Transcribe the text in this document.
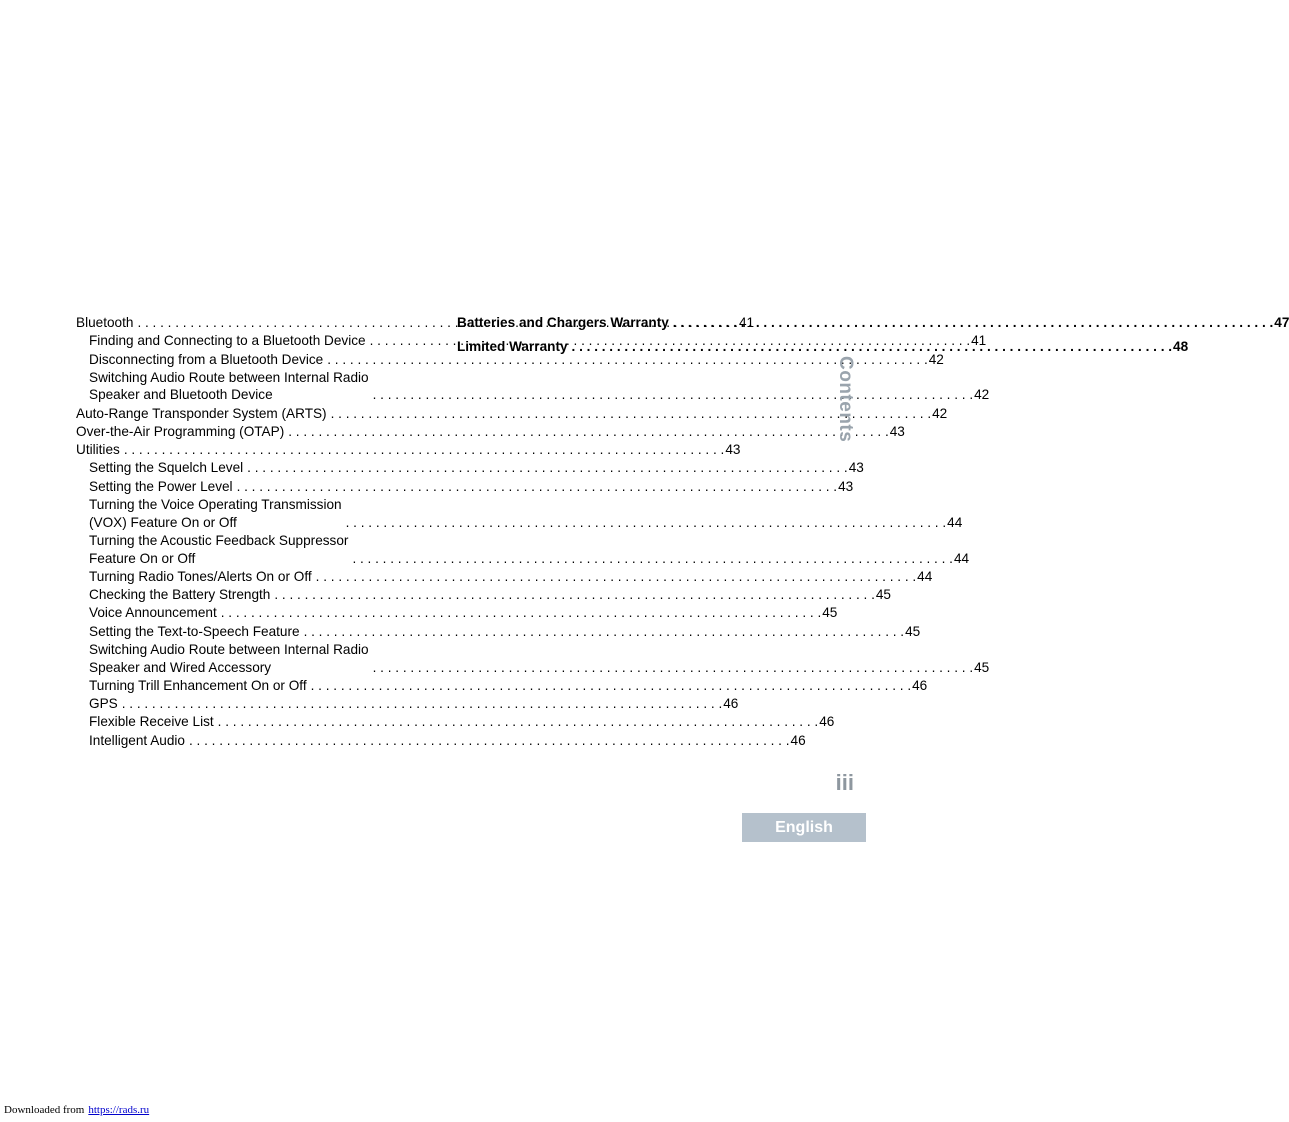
Bluetooth . . .	41
Finding and Connecting to a Bluetooth Device . . .	41
Disconnecting from a Bluetooth Device . . .	42
Switching Audio Route between Internal Radio
Speaker and Bluetooth Device . . .	42
Auto-Range Transponder System (ARTS) . . .	42
Over-the-Air Programming (OTAP) . . .	43
Utilities . . .	43
Setting the Squelch Level . . .	43
Setting the Power Level . . .	43
Turning the Voice Operating Transmission
(VOX) Feature On or Off . . .	44
Turning the Acoustic Feedback Suppressor
Feature On or Off . . .	44
Turning Radio Tones/Alerts On or Off . . .	44
Checking the Battery Strength . . .	45
Voice Announcement . . .	45
Setting the Text-to-Speech Feature . . .	45
Switching Audio Route between Internal Radio
Speaker and Wired Accessory . . .	45
Turning Trill Enhancement On or Off . . .	46
GPS . . .	46
Flexible Receive List . . .	46
Intelligent Audio . . .	46
Batteries and Chargers Warranty . . .	47
Limited Warranty . . .	48
Contents
iii
English
Downloaded from https://rads.ru
